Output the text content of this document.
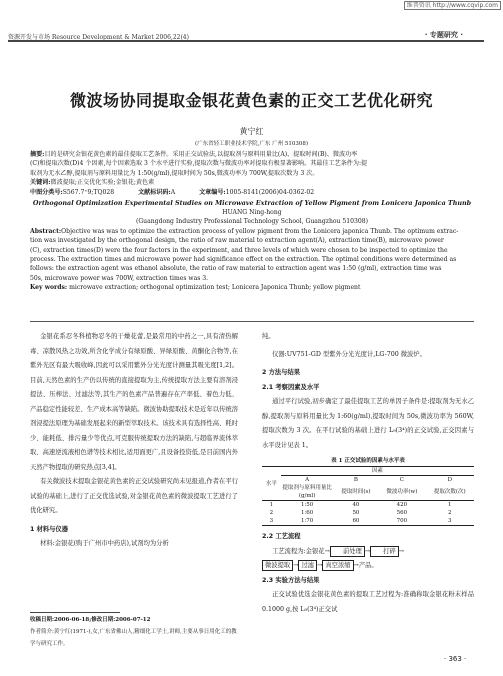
维普资讯 http://www.cqvip.com
资源开发与市场 Resource Development & Market 2006,22(4)	· 专题研究 ·
微波场协同提取金银花黄色素的正交工艺优化研究
黄宁红
(广东省轻工职业技术学院,广东 广州 510308)
摘要:目的是研究金银花黄色素的最佳提取工艺条件。采用正交试验法,以提取剂与原料用量比(A)、提取时间(B)、微波功率
(C)和提取次数(D)4 个因素,每个因素选取 3 个水平进行实验,提取次数与微波功率对提取有极显著影响。其最佳工艺条件为:提
取剂为无水乙醇,提取剂与原料用量比为 1:50(g/ml),提取时间为 50s,微波功率为 700W,提取次数为 3 次。
关键词:微波提取;正交优化实验;金银花;黄色素
中图分类号:S567.7⁺9;TQ028	文献标识码:A	文章编号:1005-8141(2006)04-0362-02
Orthogonal Optimization Experimental Studies on Microwave Extraction of Yellow Pigment from Lonicera Japonica Thunb
HUANG Ning-hong
(Guangdong Industry Professional Technology School, Guangzhou 510308)
Abstract:Objective was was to optimize the extraction process of yellow pigment from the Lonicera japonica Thunb. The optimum extrac-
tion was investigated by the orthogonal design, the ratio of raw material to extraction agent(A), extraction time(B), microwave power
(C), extraction times(D) were the four factors in the experiment, and three levels of which were chosen to be inspected to optimize the
process. The extraction times and microwave power had significance effect on the extraction. The optimal conditions were determined as
follows: the extraction agent was ethanol absolute, the ratio of raw material to extraction agent was 1:50 (g/ml), extraction time was
50s, microwave power was 700W, extraction times was 3.
Key words: microwave extraction; orthogonal optimization test; Lonicera Japonica Thunb; yellow pigment
金银花系忍冬科植物忍冬的干燥花蕾,是最常用的中药之一,具有清热解毒、凉散风热之功效,所含化学成分有绿原酸、异绿原酸、黄酮化合物等,在紫外光区有最大吸收峰,因此可以采用紫外分光光度计测量其吸光度[1,2]。目前,天然色素的生产仍以传统的直接提取为主,传统提取方法主要有溶剂浸提法、压榨法、过滤法等,其生产的色素产品普遍存在产率低、着色力低、产品稳定性能较差、生产成本高等缺陷。微波协助提取技术是近年以传统溶剂浸提法原理为基础发展起来的新型萃取技术。该技术具有选择性高、耗时少、能耗低、排污量少等优点,可克服传统提取方法的缺陷,与超临界流体萃取、高速逆流液相色谱等技术相比,适用面更广,且设备投资低,是目前国内外天然产物提取的研究热点[3,4]。
有关微波技术提取金银花黄色素的正交试验研究尚未见报道,作者在平行试验的基础上,进行了正交优选试验,对金银花黄色素的微波提取工艺进行了优化研究。
1 材料与仪器
材料:金银花(购于广州市中药店),试剂均为分析
收稿日期:2006-06-18;修改日期:2006-07-12
作者简介:黄宁红(1971-),女,广东省佛山人,精细化工学士,讲师,主要从事日用化工的教学与研究工作。
纯。
仪器:UV751-GD 型紫外分光光度计,LG-700 微波炉。
2 方法与结果
2.1 考察因素及水平
通过平行试验,初步确定了最佳提取工艺的单因子条件是:提取剂为无水乙醇,提取剂与原料用量比为 1:60(g/ml),提取时间为 50s,微波功率为 560W,提取次数为 3 次。在平行试验的基础上进行 L₉(3⁴)的正交试验,正交因素与水平设计见表 1。
表 1 正交试验的因素与水平表
水平	因素			
	A	B	C	D
	提取剂与原料用量比(g/ml)	提取时间(s)	微波功率(w)	提取次数(次)
1	1:50	40	420	1
2	1:60	50	560	2
3	1:70	60	700	3
2.2 工艺流程
工艺流程为:金银花→ 前处理 → 打碎 →
微波提取 → 过滤 → 真空浓缩 →产品。
2.3 实验方法与结果
正交试验优选金银花黄色素的提取工艺过程为:准确称取金银花粉末样品 0.1000 g,按 L₉(3⁴)正交试
· 363 ·
